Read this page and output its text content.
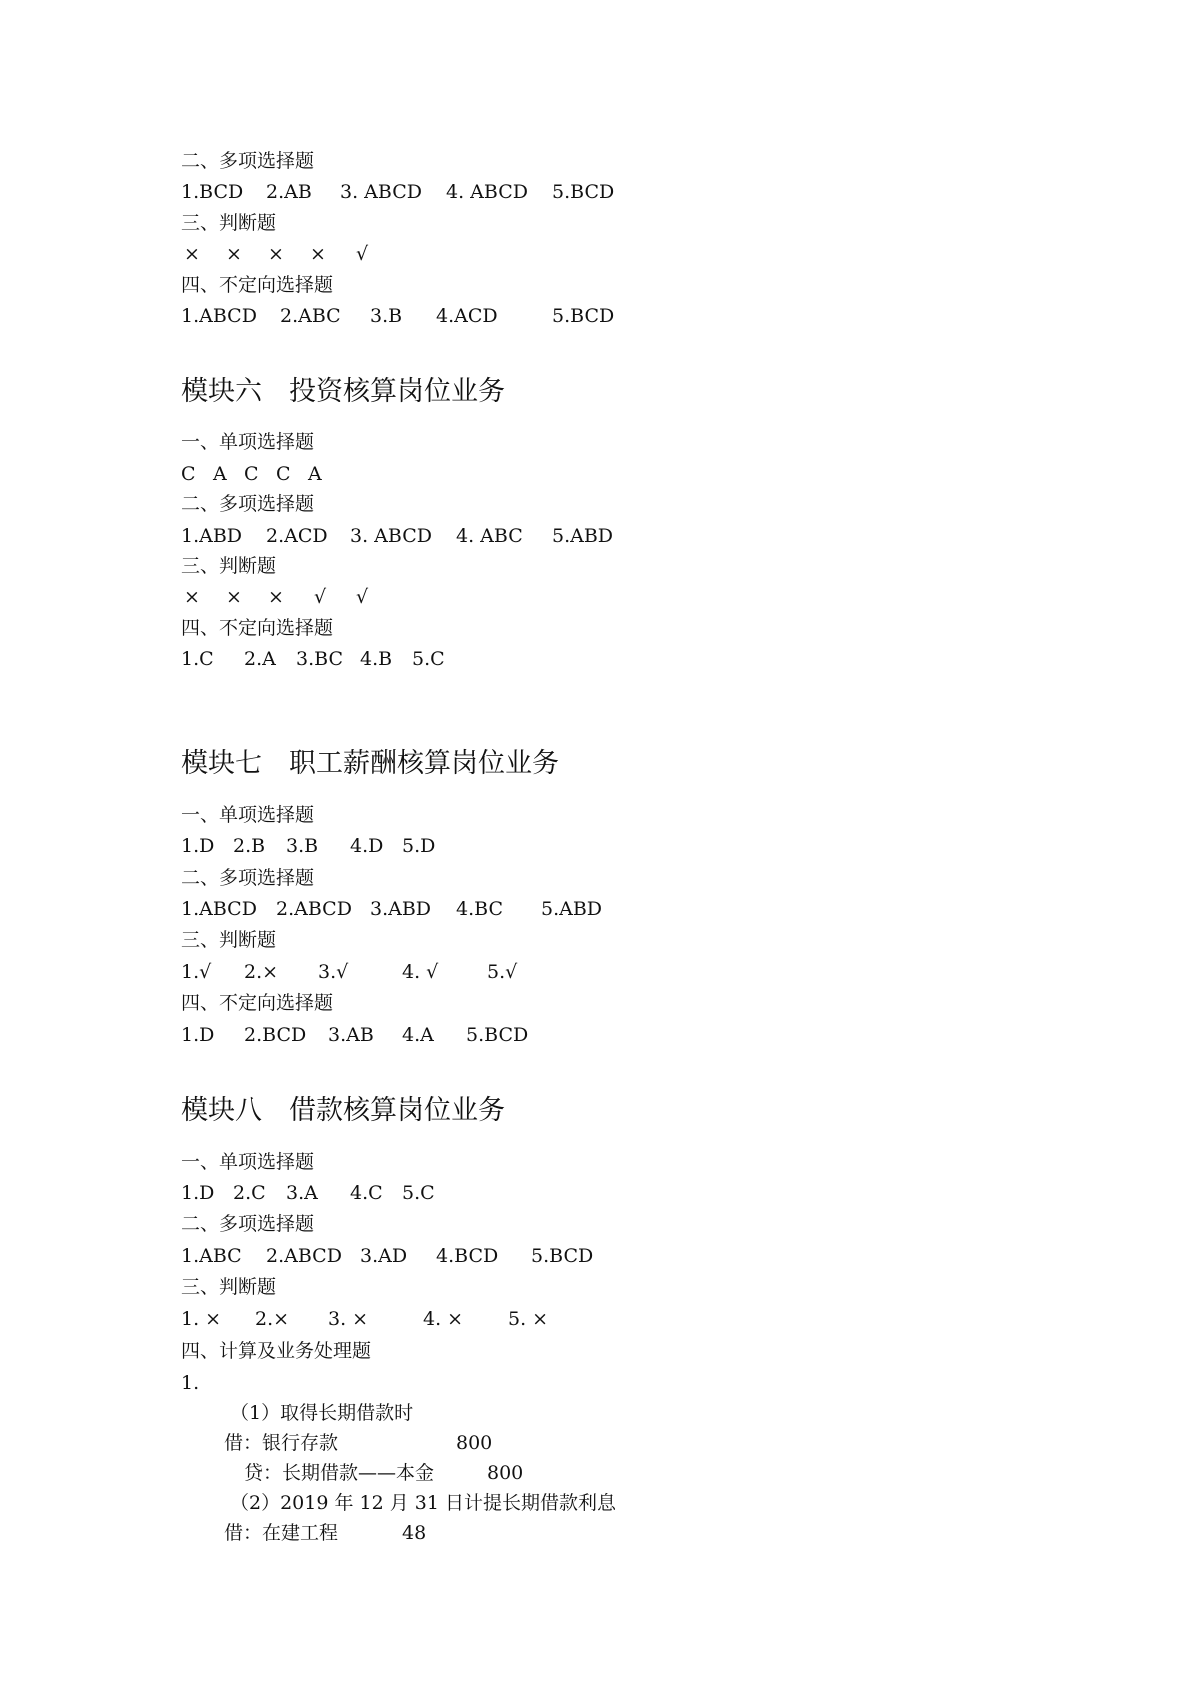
二、多项选择题
1.BCD 2.AB 3. ABCD 4. ABCD 5.BCD
三、判断题
× × × × √
四、不定向选择题
1.ABCD 2.ABC 3.B 4.ACD	5.BCD
模块六　投资核算岗位业务
一、单项选择题
C A C C A
二、多项选择题
1.ABD 2.ACD 3. ABCD 4. ABC 5.ABD
三、判断题
× × × √ √
四、不定向选择题
1.C 2.A 3.BC 4.B 5.C
模块七　职工薪酬核算岗位业务
一、单项选择题
1.D 2.B 3.B 4.D 5.D
二、多项选择题
1.ABCD 2.ABCD 3.ABD 4.BC 5.ABD
三、判断题
1.√ 2.× 3.√	4. √	5.√
四、不定向选择题
1.D 2.BCD 3.AB 4.A 5.BCD
模块八　借款核算岗位业务
一、单项选择题
1.D 2.C 3.A 4.C 5.C
二、多项选择题
1.ABC 2.ABCD 3.AD 4.BCD 5.BCD
三、判断题
1. × 2.× 3. ×	4. × 5. ×
四、计算及业务处理题
1.
（1）取得长期借款时
借：银行存款	800
贷：长期借款——本金	800
（2）2019 年 12 月 31 日计提长期借款利息
借：在建工程	48
